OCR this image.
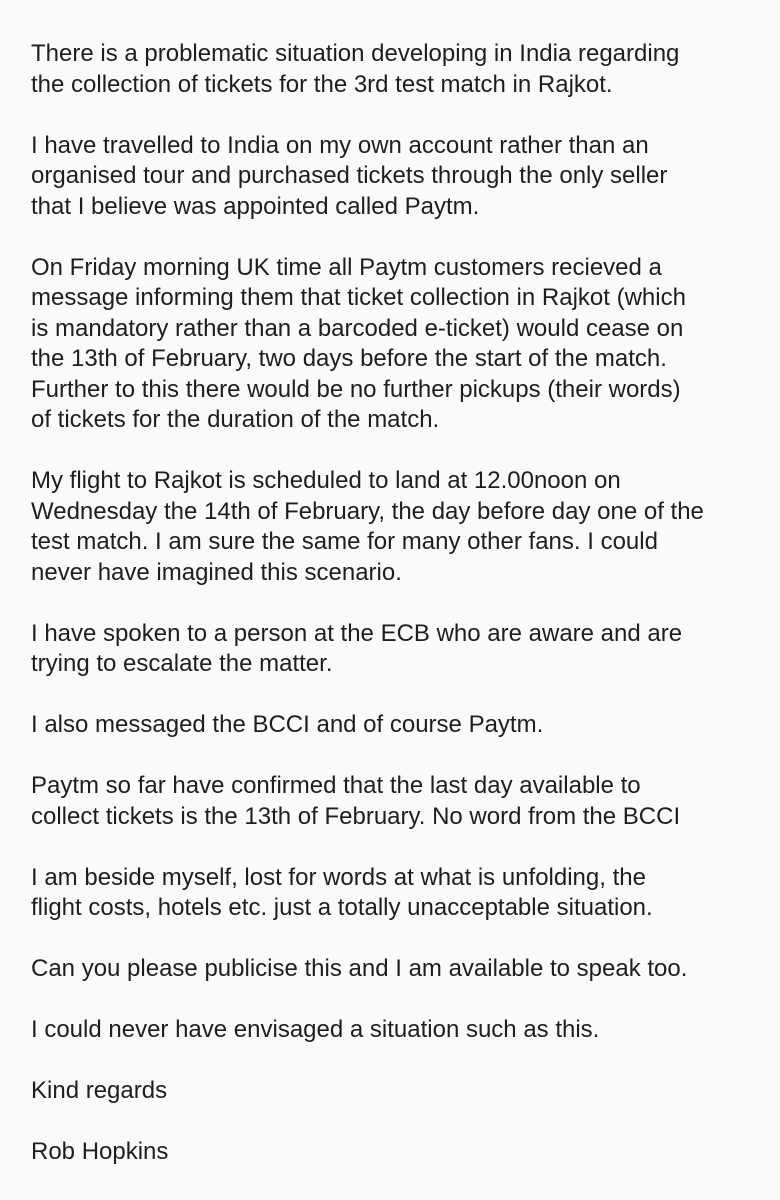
There is a problematic situation developing in India regarding
the collection of tickets for the 3rd test match in Rajkot.

I have travelled to India on my own account rather than an
organised tour and purchased tickets through the only seller
that I believe was appointed called Paytm.

On Friday morning UK time all Paytm customers recieved a
message informing them that ticket collection in Rajkot (which
is mandatory rather than a barcoded e-ticket) would cease on
the 13th of February, two days before the start of the match.
Further to this there would be no further pickups (their words)
of tickets for the duration of the match.

My flight to Rajkot is scheduled to land at 12.00noon on
Wednesday the 14th of February, the day before day one of the
test match. I am sure the same for many other fans. I could
never have imagined this scenario.

I have spoken to a person at the ECB who are aware and are
trying to escalate the matter.

I also messaged the BCCI and of course Paytm.

Paytm so far have confirmed that the last day available to
collect tickets is the 13th of February. No word from the BCCI

I am beside myself, lost for words at what is unfolding, the
flight costs, hotels etc. just a totally unacceptable situation.

Can you please publicise this and I am available to speak too.

I could never have envisaged a situation such as this.

Kind regards

Rob Hopkins
